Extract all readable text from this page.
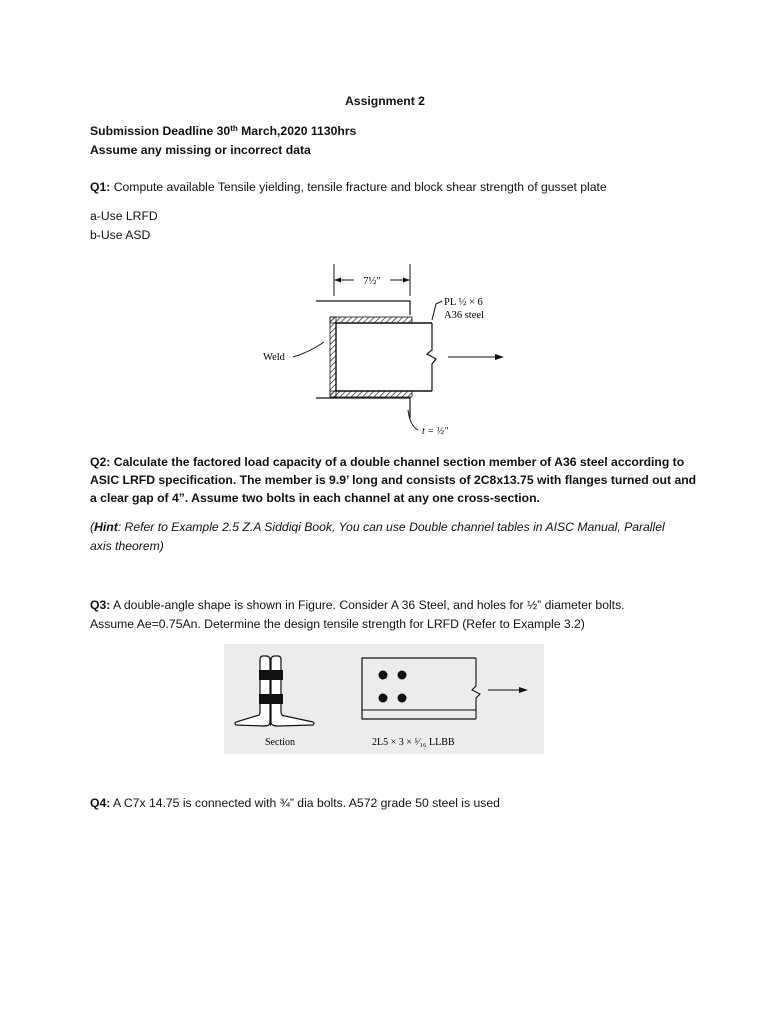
Assignment 2
Submission Deadline 30th March,2020 1130hrs
Assume any missing or incorrect data
Q1: Compute available Tensile yielding, tensile fracture and block shear strength of gusset plate
a-Use LRFD
b-Use ASD
7½″
PL ½ × 6
A36 steel
Weld
t = ½″
Q2: Calculate the factored load capacity of a double channel section member of A36 steel according to
ASIC LRFD specification. The member is 9.9’ long and consists of 2C8x13.75 with flanges turned out and
a clear gap of 4”. Assume two bolts in each channel at any one cross-section.
(Hint: Refer to Example 2.5 Z.A Siddiqi Book, You can use Double channel tables in AISC Manual, Parallel
axis theorem)
Q3: A double-angle shape is shown in Figure. Consider A 36 Steel, and holes for ½” diameter bolts.
Assume Ae=0.75An. Determine the design tensile strength for LRFD (Refer to Example 3.2)
Section	2L5 × 3 × ⁵⁄₁₆ LLBB
Q4: A C7x 14.75 is connected with ¾” dia bolts. A572 grade 50 steel is used
